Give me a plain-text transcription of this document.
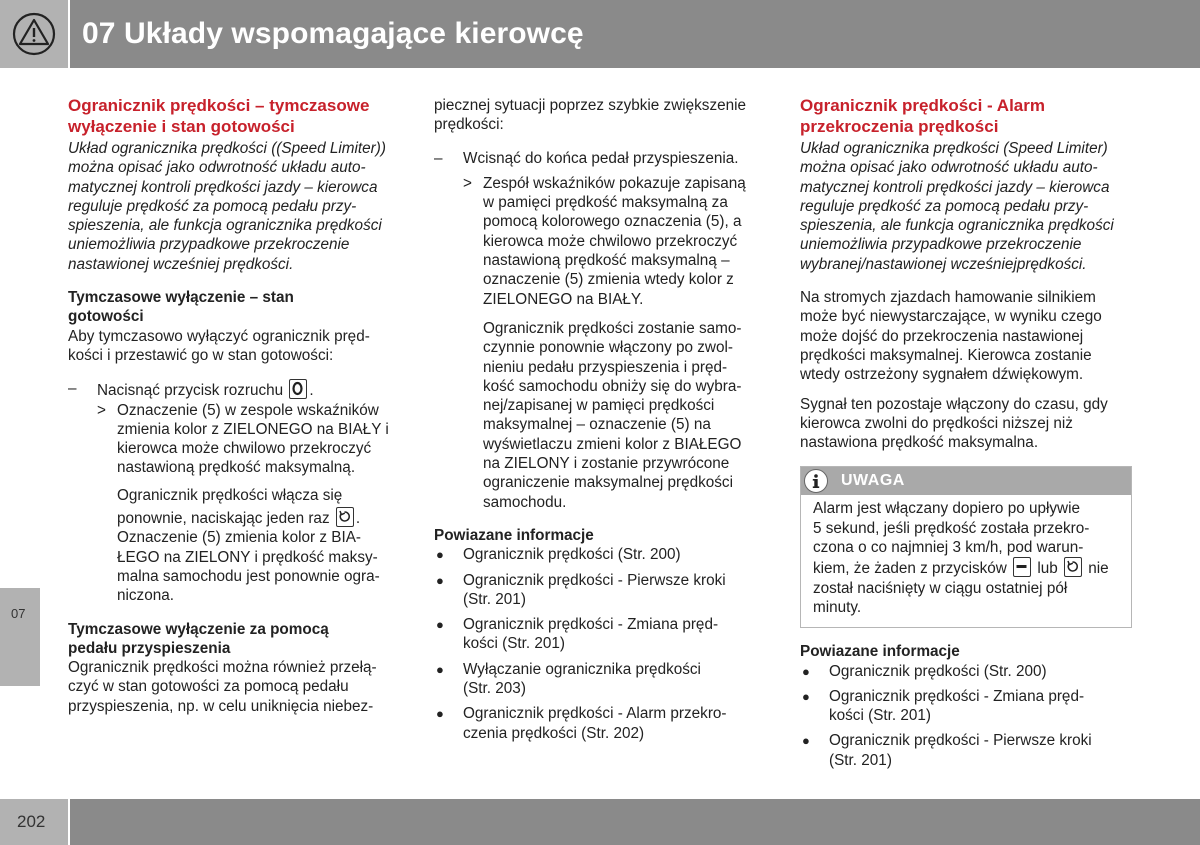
07 Układy wspomagające kierowcę
07
202

Ogranicznik prędkości – tymczasowe
wyłączenie i stan gotowości

Układ ogranicznika prędkości ((Speed Limiter))
można opisać jako odwrotność układu auto-
matycznej kontroli prędkości jazdy – kierowca
reguluje prędkość za pomocą pedału przy-
spieszenia, ale funkcja ogranicznika prędkości
uniemożliwia przypadkowe przekroczenie
nastawionej wcześniej prędkości.

Tymczasowe wyłączenie – stan
gotowości

Aby tymczasowo wyłączyć ogranicznik pręd-
kości i przestawić go w stan gotowości:

– Nacisnąć przycisk rozruchu .
> Oznaczenie (5) w zespole wskaźników
zmienia kolor z ZIELONEGO na BIAŁY i
kierowca może chwilowo przekroczyć
nastawioną prędkość maksymalną.
Ogranicznik prędkości włącza się
ponownie, naciskając jeden raz .
Oznaczenie (5) zmienia kolor z BIA-
ŁEGO na ZIELONY i prędkość maksy-
malna samochodu jest ponownie ogra-
niczona.

Tymczasowe wyłączenie za pomocą
pedału przyspieszenia

Ogranicznik prędkości można również przełą-
czyć w stan gotowości za pomocą pedału
przyspieszenia, np. w celu uniknięcia niebez-

piecznej sytuacji poprzez szybkie zwiększenie
prędkości:

– Wcisnąć do końca pedał przyspieszenia.
> Zespół wskaźników pokazuje zapisaną
w pamięci prędkość maksymalną za
pomocą kolorowego oznaczenia (5), a
kierowca może chwilowo przekroczyć
nastawioną prędkość maksymalną –
oznaczenie (5) zmienia wtedy kolor z
ZIELONEGO na BIAŁY.
Ogranicznik prędkości zostanie samo-
czynnie ponownie włączony po zwol-
nieniu pedału przyspieszenia i pręd-
kość samochodu obniży się do wybra-
nej/zapisanej w pamięci prędkości
maksymalnej – oznaczenie (5) na
wyświetlaczu zmieni kolor z BIAŁEGO
na ZIELONY i zostanie przywrócone
ograniczenie maksymalnej prędkości
samochodu.

Powiazane informacje

● Ogranicznik prędkości (Str. 200)
● Ogranicznik prędkości - Pierwsze kroki
(Str. 201)
● Ogranicznik prędkości - Zmiana pręd-
kości (Str. 201)
● Wyłączanie ogranicznika prędkości
(Str. 203)
● Ogranicznik prędkości - Alarm przekro-
czenia prędkości (Str. 202)

Ogranicznik prędkości - Alarm
przekroczenia prędkości

Układ ogranicznika prędkości (Speed Limiter)
można opisać jako odwrotność układu auto-
matycznej kontroli prędkości jazdy – kierowca
reguluje prędkość za pomocą pedału przy-
spieszenia, ale funkcja ogranicznika prędkości
uniemożliwia przypadkowe przekroczenie
wybranej/nastawionej wcześniejprędkości.

Na stromych zjazdach hamowanie silnikiem
może być niewystarczające, w wyniku czego
może dojść do przekroczenia nastawionej
prędkości maksymalnej. Kierowca zostanie
wtedy ostrzeżony sygnałem dźwiękowym.

Sygnał ten pozostaje włączony do czasu, gdy
kierowca zwolni do prędkości niższej niż
nastawiona prędkość maksymalna.

UWAGA
Alarm jest włączany dopiero po upływie
5 sekund, jeśli prędkość została przekro-
czona o co najmniej 3 km/h, pod warun-
kiem, że żaden z przycisków lub nie
został naciśnięty w ciągu ostatniej pół
minuty.

Powiazane informacje

● Ogranicznik prędkości (Str. 200)
● Ogranicznik prędkości - Zmiana pręd-
kości (Str. 201)
● Ogranicznik prędkości - Pierwsze kroki
(Str. 201)
